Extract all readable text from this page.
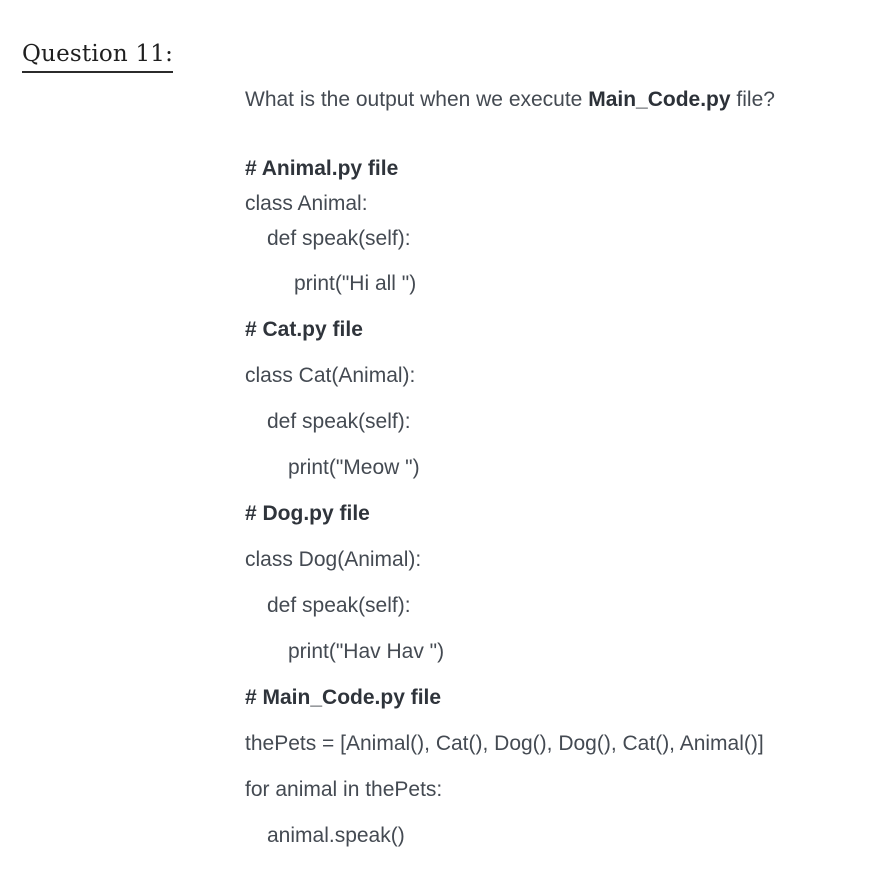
Question 11:
What is the output when we execute Main_Code.py file?
# Animal.py file
class Animal:
def speak(self):
print("Hi all ")
# Cat.py file
class Cat(Animal):
def speak(self):
print("Meow ")
# Dog.py file
class Dog(Animal):
def speak(self):
print("Hav Hav ")
# Main_Code.py file
thePets = [Animal(), Cat(), Dog(), Dog(), Cat(), Animal()]
for animal in thePets:
animal.speak()
